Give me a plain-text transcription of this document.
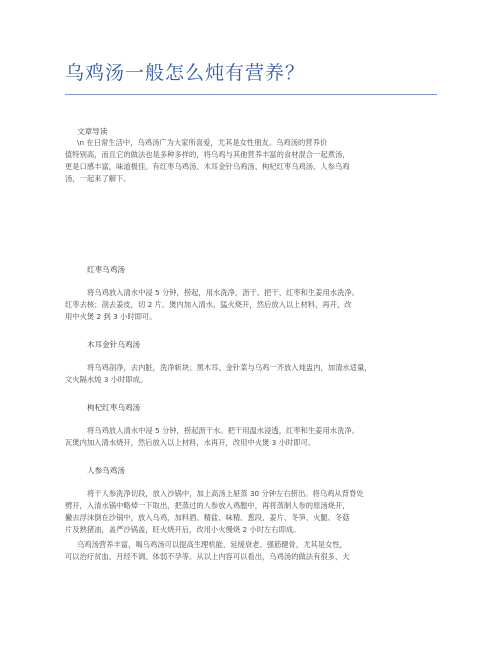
乌鸡汤一般怎么炖有营养？
文章导读
\n 在日常生活中，乌鸡汤广为大家所喜爱，尤其是女性朋友。乌鸡汤的营养价
值特别高，而且它的做法也是多种多样的，将乌鸡与其他营养丰富的食材混合一起煮汤，
更是口感丰富，味道极佳。有红枣乌鸡汤、木耳金针乌鸡汤、枸杞红枣乌鸡汤、人参乌鸡
汤，一起来了解下。
红枣乌鸡汤
将乌鸡放入清水中浸 5 分钟，捞起，用水洗净，沥干。把干、红枣和生姜用水洗净。
红枣去核；剖去姜皮，切 2 片。煲内加入清水，猛火烧开，然后放入以上材料，再开，改
用中火煲 2 到 3 小时即可。
木耳金针乌鸡汤
将乌鸡剖净，去内脏，洗净斩块；黑木耳、金针菜与乌鸡一齐放入炖盅内，加清水适量，
文火隔水炖 3 小时即成。
枸杞红枣乌鸡汤
将乌鸡放入清水中浸 5 分钟，捞起沥干水。把干用温水浸透，红枣和生姜用水洗净。
瓦煲内加入清水烧开，然后放入以上材料，水再开，改用中火煲 3 小时即可。
人参乌鸡汤
将干人参洗净切段，放入沙锅中，加上高汤上屉蒸 30 分钟左右捞出。将乌鸡从背脊处
劈开，入清水锅中略焯一下取出，把蒸过的人参放入鸡膛中，再将蒸制人参的原汤烧开，
撇去浮沫倒在沙锅中，放入乌鸡，加料酒、精盐、味精、葱段、姜片、冬笋、火腿、冬菇
片及熟猪油，盖严沙锅盖，旺火烧开后，改用小火慢烧 2 小时左右即成。
乌鸡汤营养丰富，喝乌鸡汤可以提高生理机能、延缓衰老、强筋健骨，尤其是女性，
可以治疗贫血、月经不调、体弱不孕等。从以上内容可以看出，乌鸡汤的做法有很多，大
